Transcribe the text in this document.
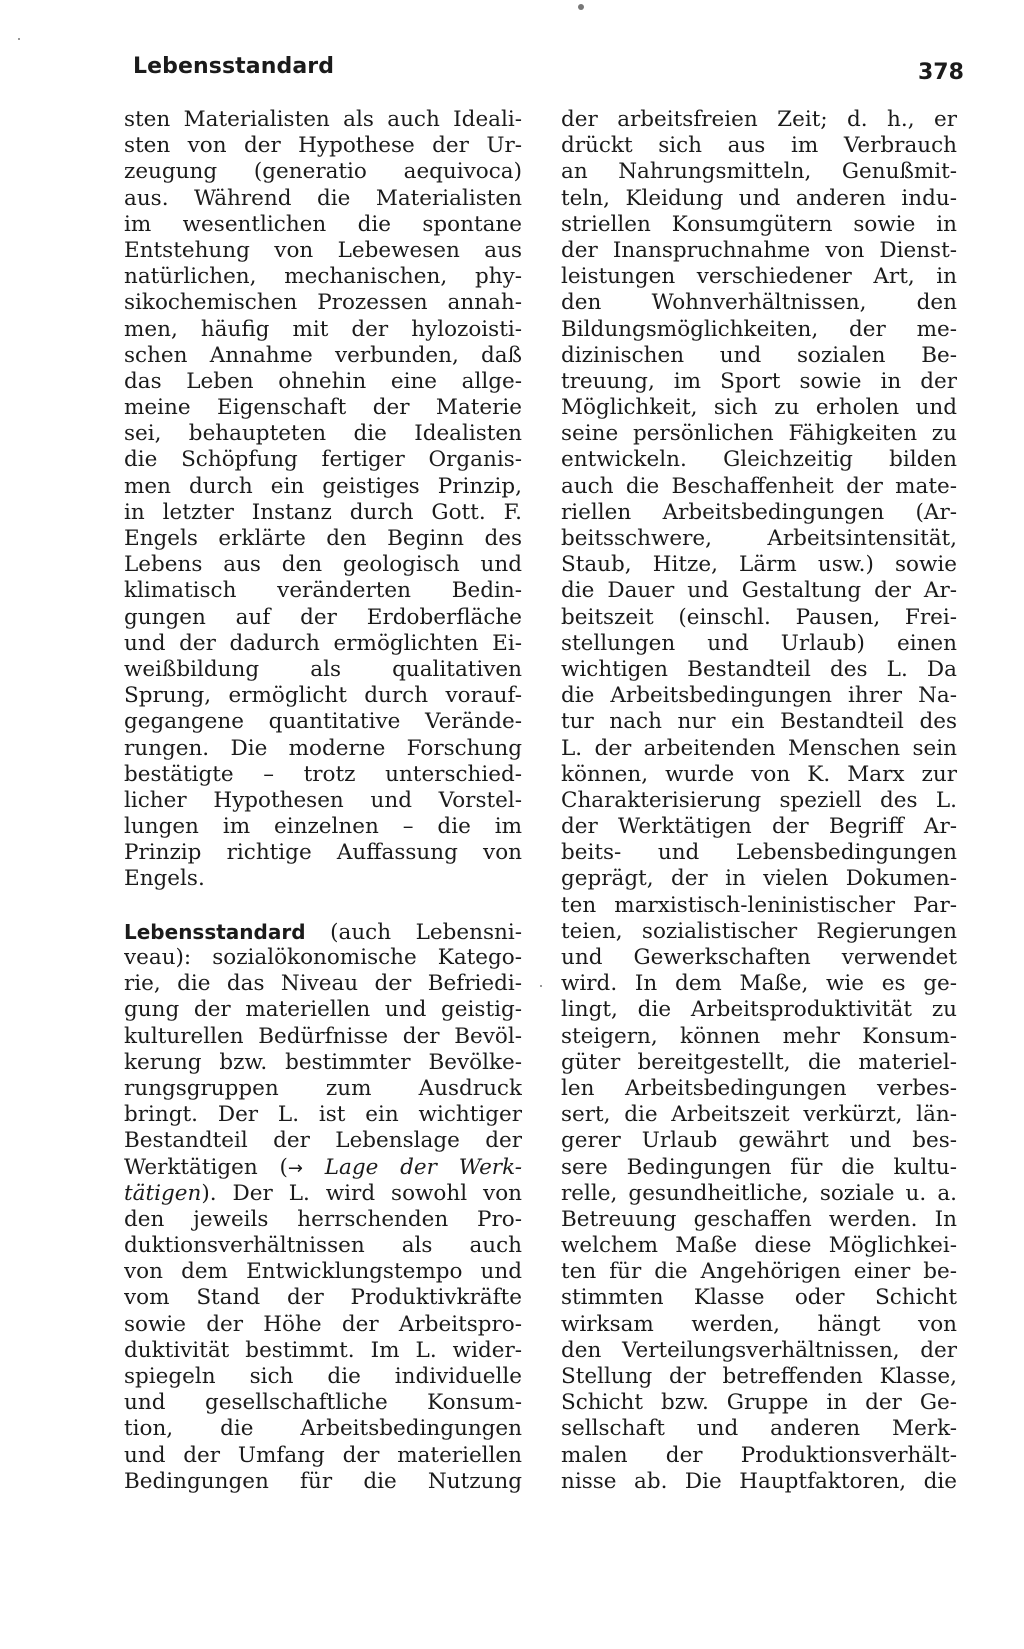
Lebensstandard	378
sten Materialisten als auch Ideali-
sten von der Hypothese der Ur-
zeugung (generatio aequivoca)
aus. Während die Materialisten
im wesentlichen die spontane
Entstehung von Lebewesen aus
natürlichen, mechanischen, phy-
sikochemischen Prozessen annah-
men, häufig mit der hylozoisti-
schen Annahme verbunden, daß
das Leben ohnehin eine allge-
meine Eigenschaft der Materie
sei, behaupteten die Idealisten
die Schöpfung fertiger Organis-
men durch ein geistiges Prinzip,
in letzter Instanz durch Gott. F.
Engels erklärte den Beginn des
Lebens aus den geologisch und
klimatisch veränderten Bedin-
gungen auf der Erdoberfläche
und der dadurch ermöglichten Ei-
weißbildung als qualitativen
Sprung, ermöglicht durch vorauf-
gegangene quantitative Verände-
rungen. Die moderne Forschung
bestätigte – trotz unterschied-
licher Hypothesen und Vorstel-
lungen im einzelnen – die im
Prinzip richtige Auffassung von
Engels.
Lebensstandard (auch Lebensni-
veau): sozialökonomische Katego-
rie, die das Niveau der Befriedi-
gung der materiellen und geistig-
kulturellen Bedürfnisse der Bevöl-
kerung bzw. bestimmter Bevölke-
rungsgruppen zum Ausdruck
bringt. Der L. ist ein wichtiger
Bestandteil der Lebenslage der
Werktätigen (→ Lage der Werk-
tätigen). Der L. wird sowohl von
den jeweils herrschenden Pro-
duktionsverhältnissen als auch
von dem Entwicklungstempo und
vom Stand der Produktivkräfte
sowie der Höhe der Arbeitspro-
duktivität bestimmt. Im L. wider-
spiegeln sich die individuelle
und gesellschaftliche Konsum-
tion, die Arbeitsbedingungen
und der Umfang der materiellen
Bedingungen für die Nutzung
der arbeitsfreien Zeit; d. h., er
drückt sich aus im Verbrauch
an Nahrungsmitteln, Genußmit-
teln, Kleidung und anderen indu-
striellen Konsumgütern sowie in
der Inanspruchnahme von Dienst-
leistungen verschiedener Art, in
den Wohnverhältnissen, den
Bildungsmöglichkeiten, der me-
dizinischen und sozialen Be-
treuung, im Sport sowie in der
Möglichkeit, sich zu erholen und
seine persönlichen Fähigkeiten zu
entwickeln. Gleichzeitig bilden
auch die Beschaffenheit der mate-
riellen Arbeitsbedingungen (Ar-
beitsschwere, Arbeitsintensität,
Staub, Hitze, Lärm usw.) sowie
die Dauer und Gestaltung der Ar-
beitszeit (einschl. Pausen, Frei-
stellungen und Urlaub) einen
wichtigen Bestandteil des L. Da
die Arbeitsbedingungen ihrer Na-
tur nach nur ein Bestandteil des
L. der arbeitenden Menschen sein
können, wurde von K. Marx zur
Charakterisierung speziell des L.
der Werktätigen der Begriff Ar-
beits- und Lebensbedingungen
geprägt, der in vielen Dokumen-
ten marxistisch-leninistischer Par-
teien, sozialistischer Regierungen
und Gewerkschaften verwendet
wird. In dem Maße, wie es ge-
lingt, die Arbeitsproduktivität zu
steigern, können mehr Konsum-
güter bereitgestellt, die materiel-
len Arbeitsbedingungen verbes-
sert, die Arbeitszeit verkürzt, län-
gerer Urlaub gewährt und bes-
sere Bedingungen für die kultu-
relle, gesundheitliche, soziale u. a.
Betreuung geschaffen werden. In
welchem Maße diese Möglichkei-
ten für die Angehörigen einer be-
stimmten Klasse oder Schicht
wirksam werden, hängt von
den Verteilungsverhältnissen, der
Stellung der betreffenden Klasse,
Schicht bzw. Gruppe in der Ge-
sellschaft und anderen Merk-
malen der Produktionsverhält-
nisse ab. Die Hauptfaktoren, die
